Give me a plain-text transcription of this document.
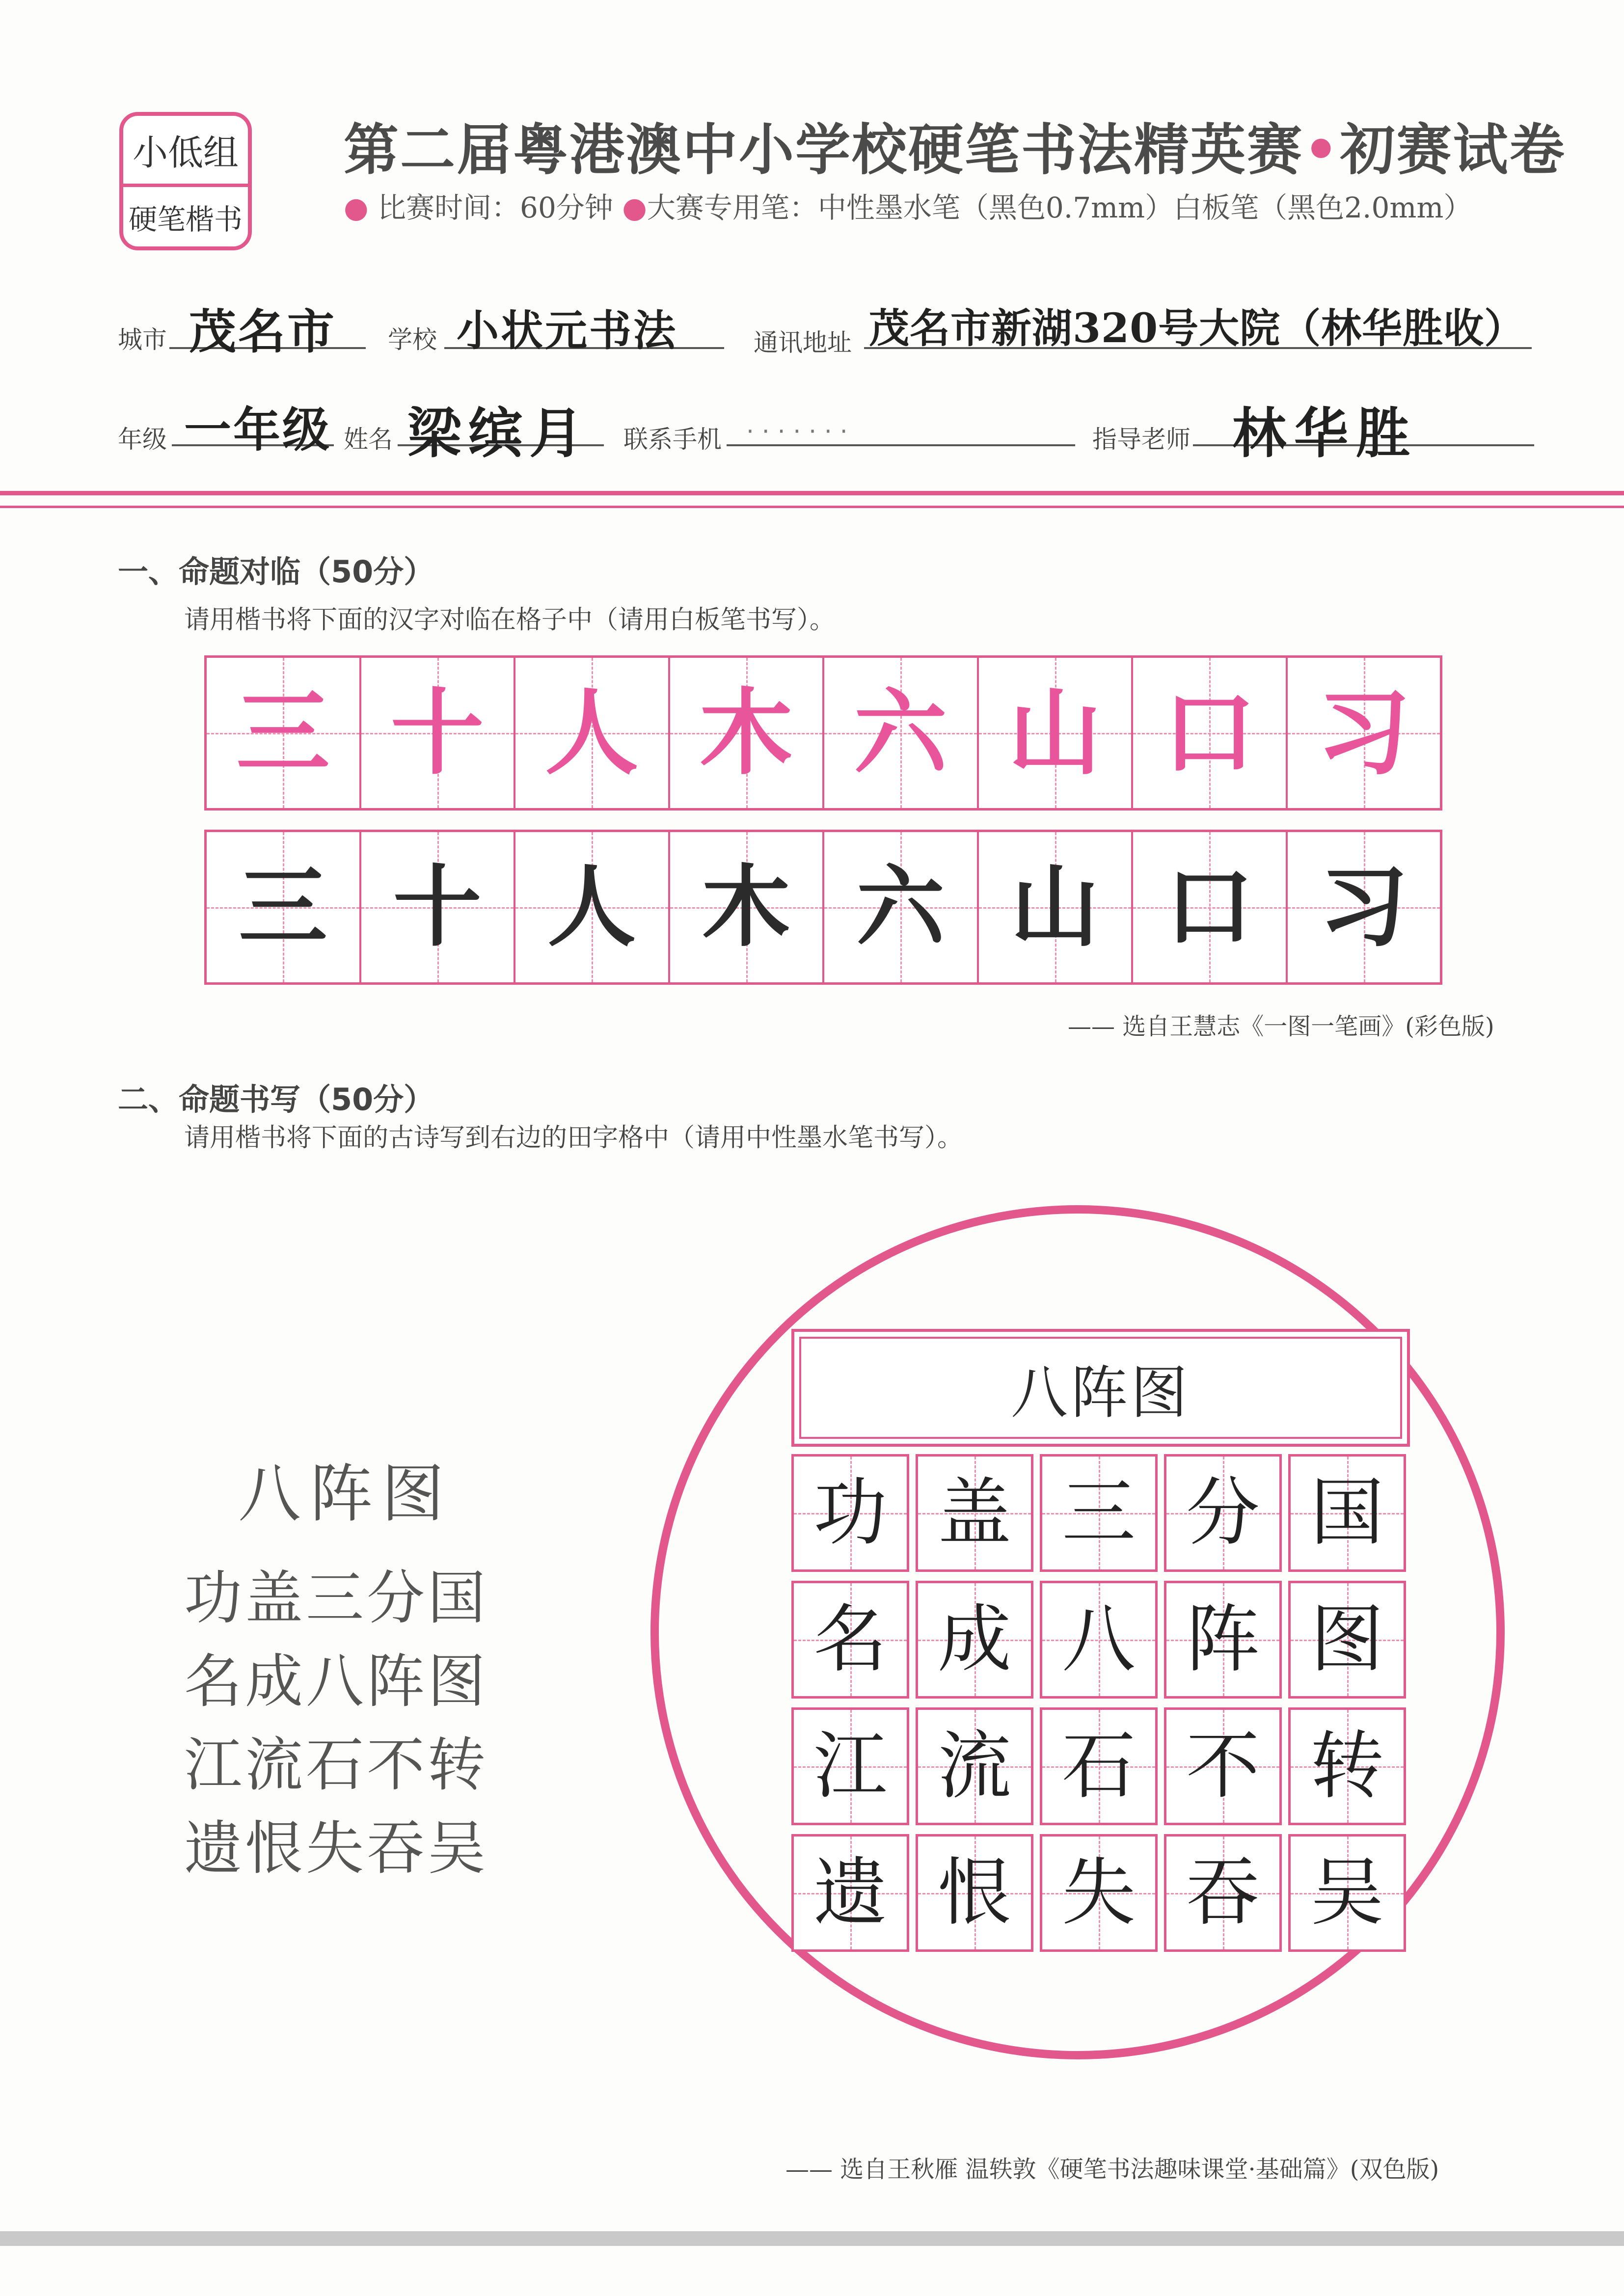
小低组
硬笔楷书
第二届粤港澳中小学校硬笔书法精英赛•初赛试卷
● 比赛时间：60分钟 ●大赛专用笔：中性墨水笔（黑色0.7mm）白板笔（黑色2.0mm）
城市 茂名市 学校 小状元书法	通讯地址 茂名市新湖320号大院（林华胜收）
年级 一年级 姓名 梁缤月 联系手机 · · · · · · ·	指导老师 林华胜
一、命题对临（50分）
请用楷书将下面的汉字对临在格子中（请用白板笔书写）。
三 十 人 木 六 山 口 习
三 十 人 木 六 山 口 习
—— 选自王慧志《一图一笔画》(彩色版)
二、命题书写（50分）
请用楷书将下面的古诗写到右边的田字格中（请用中性墨水笔书写）。
八阵图
功盖三分国
名成八阵图
江流石不转
遗恨失吞吴
八阵图
功 盖 三 分 国
名 成 八 阵 图
江 流 石 不 转
遗 恨 失 吞 吴
—— 选自王秋雁 温轶敦《硬笔书法趣味课堂·基础篇》(双色版)
